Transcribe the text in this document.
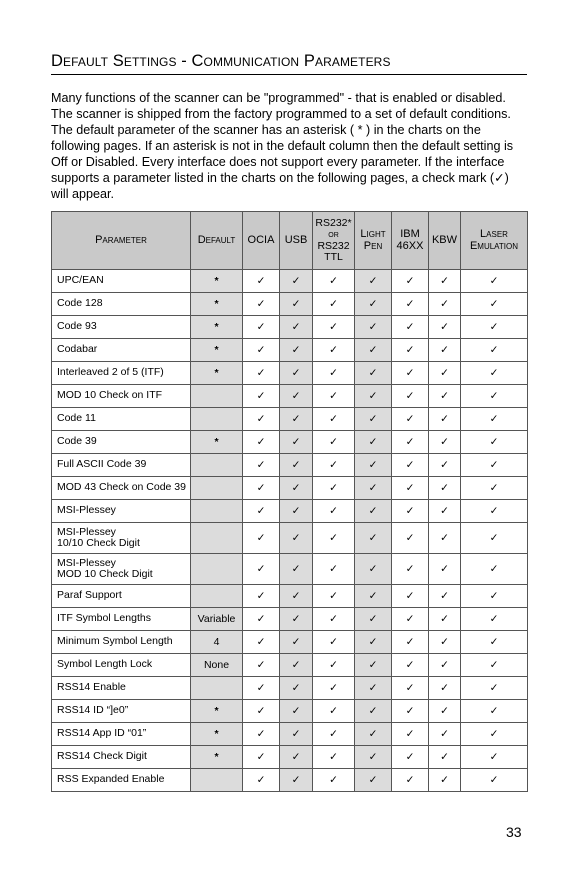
Default Settings - Communication Parameters
Many functions of the scanner can be "programmed" - that is enabled or disabled. The scanner is shipped from the factory programmed to a set of default conditions. The default parameter of the scanner has an asterisk ( * ) in the charts on the following pages. If an asterisk is not in the default column then the default setting is Off or Disabled. Every interface does not support every parameter. If the interface supports a parameter listed in the charts on the following pages, a check mark (✓) will appear.
Parameter	Default	OCIA	USB	RS232* or RS232 TTL	Light Pen	IBM 46XX	KBW	Laser Emulation
UPC/EAN	*	✓	✓	✓	✓	✓	✓	✓
Code 128	*	✓	✓	✓	✓	✓	✓	✓
Code 93	*	✓	✓	✓	✓	✓	✓	✓
Codabar	*	✓	✓	✓	✓	✓	✓	✓
Interleaved 2 of 5 (ITF)	*	✓	✓	✓	✓	✓	✓	✓
MOD 10 Check on ITF		✓	✓	✓	✓	✓	✓	✓
Code 11		✓	✓	✓	✓	✓	✓	✓
Code 39	*	✓	✓	✓	✓	✓	✓	✓
Full ASCII Code 39		✓	✓	✓	✓	✓	✓	✓
MOD 43 Check on Code 39		✓	✓	✓	✓	✓	✓	✓
MSI-Plessey		✓	✓	✓	✓	✓	✓	✓
MSI-Plessey
10/10 Check Digit		✓	✓	✓	✓	✓	✓	✓
MSI-Plessey
MOD 10 Check Digit		✓	✓	✓	✓	✓	✓	✓
Paraf Support		✓	✓	✓	✓	✓	✓	✓
ITF Symbol Lengths	Variable	✓	✓	✓	✓	✓	✓	✓
Minimum Symbol Length	4	✓	✓	✓	✓	✓	✓	✓
Symbol Length Lock	None	✓	✓	✓	✓	✓	✓	✓
RSS14 Enable		✓	✓	✓	✓	✓	✓	✓
RSS14 ID “]e0”	*	✓	✓	✓	✓	✓	✓	✓
RSS14 App ID “01”	*	✓	✓	✓	✓	✓	✓	✓
RSS14 Check Digit	*	✓	✓	✓	✓	✓	✓	✓
RSS Expanded Enable		✓	✓	✓	✓	✓	✓	✓
33
